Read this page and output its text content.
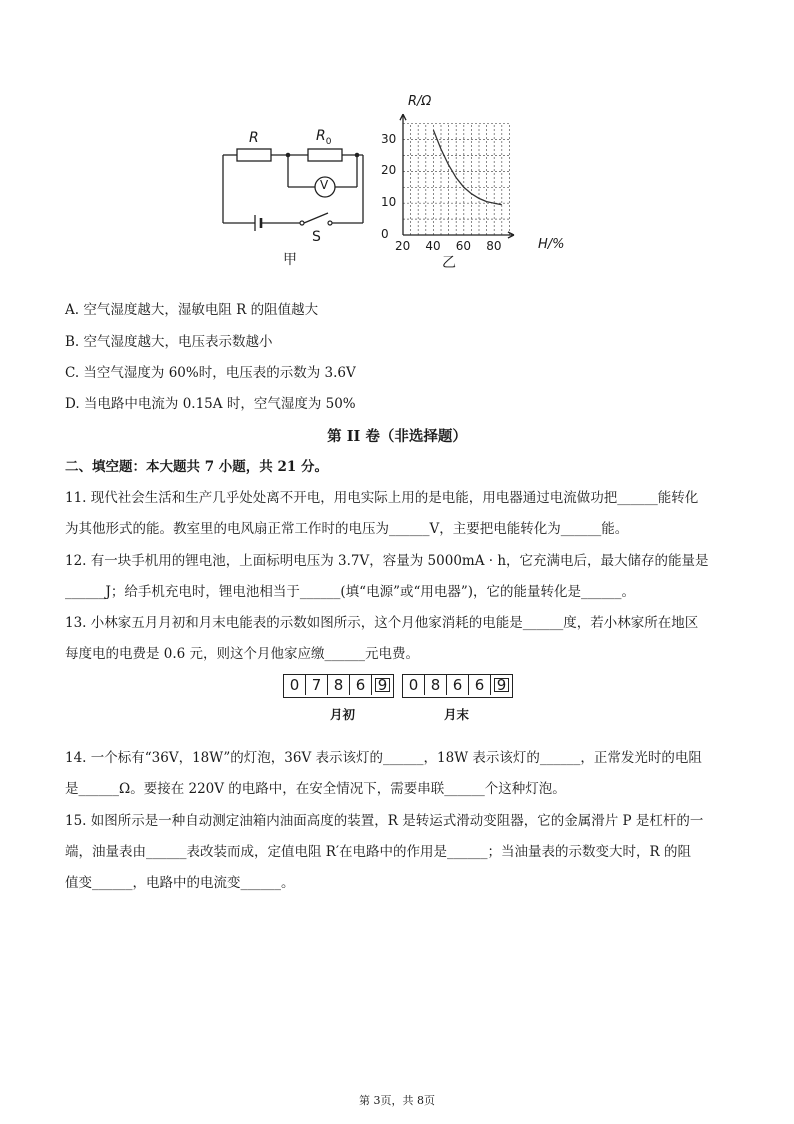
R	$R_0$
V
S
甲
R/Ω
H/%
30
20
10
0
20 40 60 80
乙
A. 空气湿度越大，湿敏电阻 R 的阻值越大
B. 空气湿度越大，电压表示数越小
C. 当空气湿度为 60%时，电压表的示数为 3.6V
D. 当电路中电流为 0.15A 时，空气湿度为 50%
第 II 卷（非选择题）
二、填空题：本大题共 7 小题，共 21 分。
11. 现代社会生活和生产几乎处处离不开电，用电实际上用的是电能，用电器通过电流做功把______能转化
为其他形式的能。教室里的电风扇正常工作时的电压为______V，主要把电能转化为______能。
12. 有一块手机用的锂电池，上面标明电压为 3.7V，容量为 5000mA · h，它充满电后，最大储存的能量是
______J；给手机充电时，锂电池相当于______(填“电源”或“用电器”)，它的能量转化是______。
13. 小林家五月月初和月末电能表的示数如图所示，这个月他家消耗的电能是______度，若小林家所在地区
每度电的电费是 0.6 元，则这个月他家应缴______元电费。
0 7 8 6 9
月初
0 8 6 6 9
月末
14. 一个标有“36V，18W”的灯泡，36V 表示该灯的______，18W 表示该灯的______，正常发光时的电阻
是______Ω。要接在 220V 的电路中，在安全情况下，需要串联______个这种灯泡。
15. 如图所示是一种自动测定油箱内油面高度的装置，R 是转运式滑动变阻器，它的金属滑片 P 是杠杆的一
端，油量表由______表改装而成，定值电阻 R′在电路中的作用是______；当油量表的示数变大时，R 的阻
值变______，电路中的电流变______。
第 3页，共 8页
